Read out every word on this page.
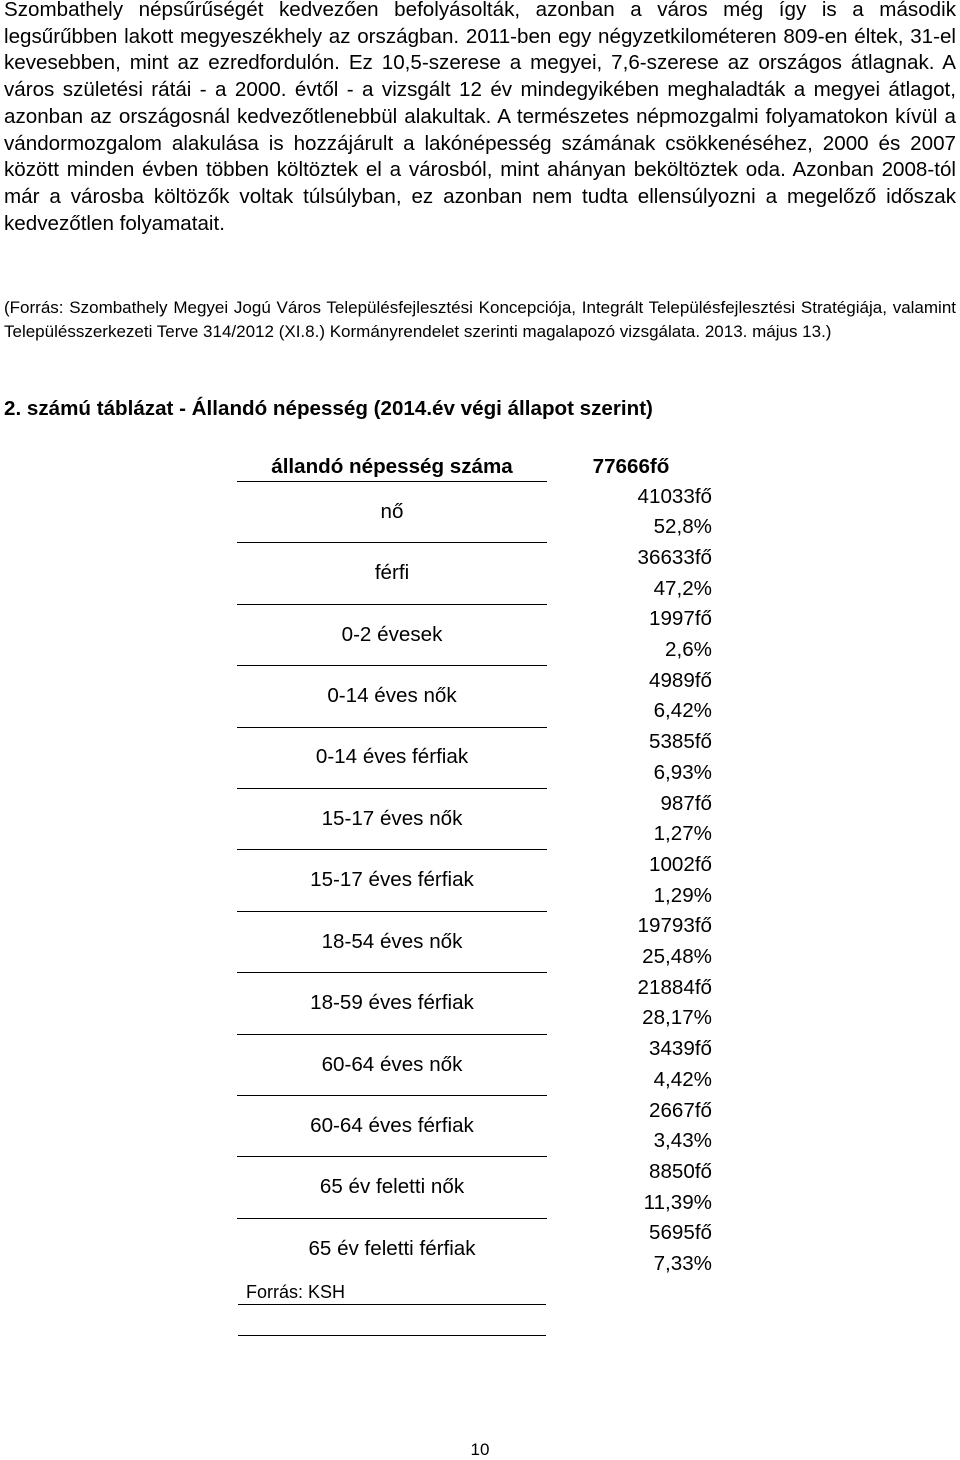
Szombathely népsűrűségét kedvezően befolyásolták, azonban a város még így is a második legsűrűbben lakott megyeszékhely az országban. 2011-ben egy négyzetkilométeren 809-en éltek, 31-el kevesebben, mint az ezredfordulón. Ez 10,5-szerese a megyei, 7,6-szerese az országos átlagnak. A város születési rátái - a 2000. évtől - a vizsgált 12 év mindegyikében meghaladták a megyei átlagot, azonban az országosnál kedvezőtlenebbül alakultak. A természetes népmozgalmi folyamatokon kívül a vándormozgalom alakulása is hozzájárult a lakónépesség számának csökkenéséhez, 2000 és 2007 között minden évben többen költöztek el a városból, mint ahányan beköltöztek oda. Azonban 2008-tól már a városba költözők voltak túlsúlyban, ez azonban nem tudta ellensúlyozni a megelőző időszak kedvezőtlen folyamatait.

(Forrás: Szombathely Megyei Jogú Város Településfejlesztési Koncepciója, Integrált Településfejlesztési Stratégiája, valamint Településszerkezeti Terve 314/2012 (XI.8.) Kormányrendelet szerinti magalapozó vizsgálata. 2013. május 13.)

2. számú táblázat - Állandó népesség (2014.év végi állapot szerint)

állandó népesség száma	77666fő
nő	41033fő
	52,8%
férfi	36633fő
	47,2%
0-2 évesek	1997fő
	2,6%
0-14 éves nők	4989fő
	6,42%
0-14 éves férfiak	5385fő
	6,93%
15-17 éves nők	987fő
	1,27%
15-17 éves férfiak	1002fő
	1,29%
18-54 éves nők	19793fő
	25,48%
18-59 éves férfiak	21884fő
	28,17%
60-64 éves nők	3439fő
	4,42%
60-64 éves férfiak	2667fő
	3,43%
65 év feletti nők	8850fő
	11,39%
65 év feletti férfiak	5695fő
	7,33%

Forrás: KSH

10
